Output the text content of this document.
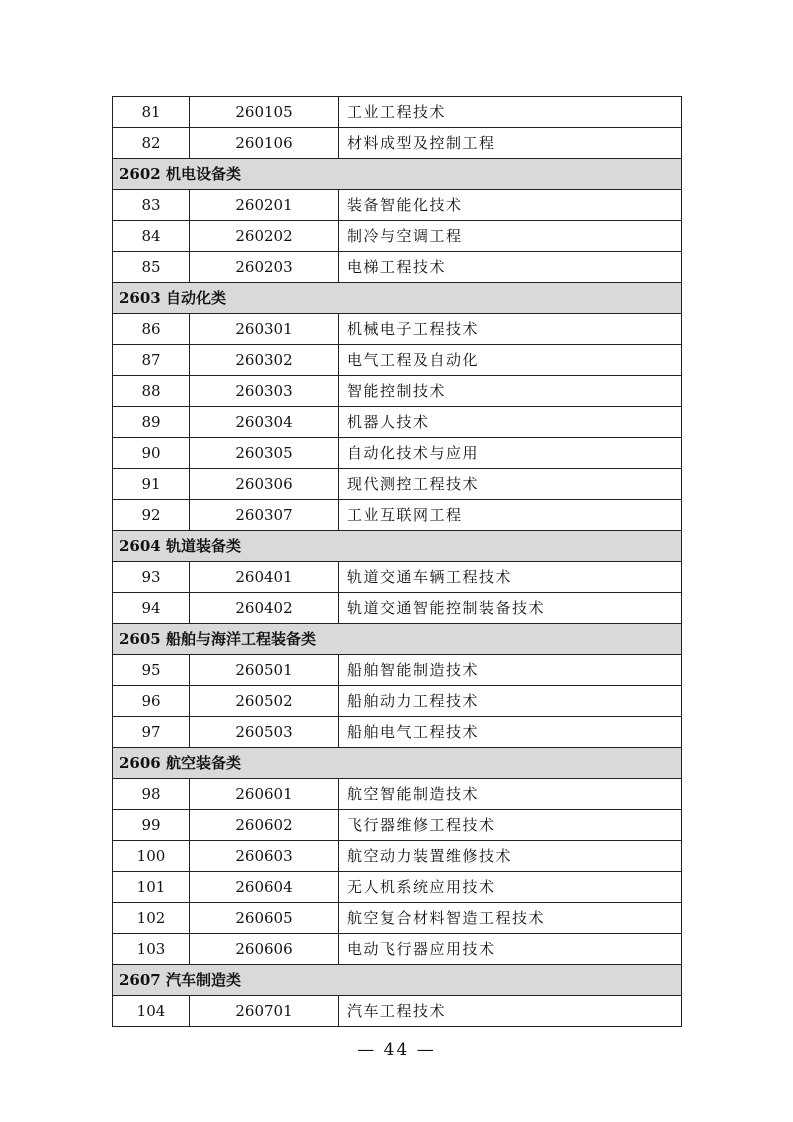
81	260105	工业工程技术
82	260106	材料成型及控制工程
2602 机电设备类		
83	260201	装备智能化技术
84	260202	制冷与空调工程
85	260203	电梯工程技术
2603 自动化类		
86	260301	机械电子工程技术
87	260302	电气工程及自动化
88	260303	智能控制技术
89	260304	机器人技术
90	260305	自动化技术与应用
91	260306	现代测控工程技术
92	260307	工业互联网工程
2604 轨道装备类		
93	260401	轨道交通车辆工程技术
94	260402	轨道交通智能控制装备技术
2605 船舶与海洋工程装备类		
95	260501	船舶智能制造技术
96	260502	船舶动力工程技术
97	260503	船舶电气工程技术
2606 航空装备类		
98	260601	航空智能制造技术
99	260602	飞行器维修工程技术
100	260603	航空动力装置维修技术
101	260604	无人机系统应用技术
102	260605	航空复合材料智造工程技术
103	260606	电动飞行器应用技术
2607 汽车制造类		
104	260701	汽车工程技术
— 44 —
